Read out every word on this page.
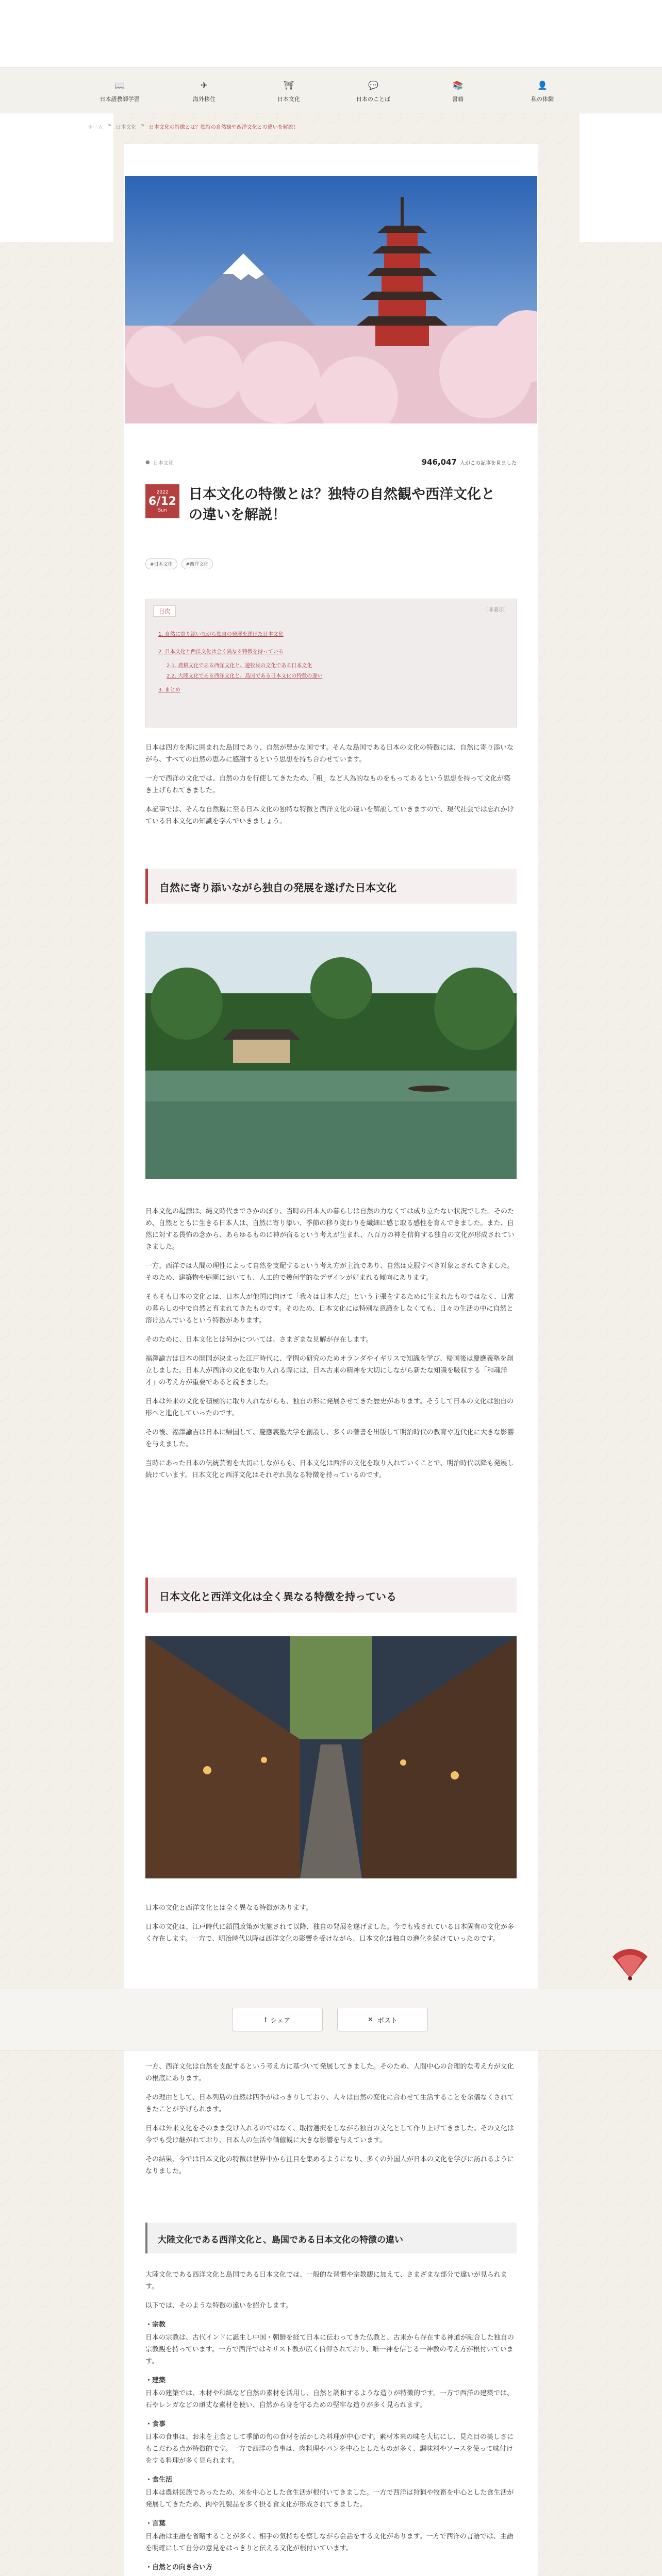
📖
日本語教師学習
✈
海外移住
⛩
日本文化
💬
日本のことば
📚
書籍
👤
私の体験
ホーム > 日本文化 > 日本文化の特徴とは？独特の自然観や西洋文化との違いを解説！
● 日本文化	946,047 人がこの記事を見ました
2022
6/12
Sun
日本文化の特徴とは？独特の自然観や西洋文化との違いを解説！
#日本文化	#西洋文化
目次	［非表示］
1. 自然に寄り添いながら独自の発展を遂げた日本文化
2. 日本文化と西洋文化は全く異なる特徴を持っている
2.1. 農耕文化である西洋文化と、遊牧民の文化である日本文化
2.2. 大陸文化である西洋文化と、島国である日本文化の特徴の違い
3. まとめ

日本は四方を海に囲まれた島国であり、自然が豊かな国です。そんな島国である日本の文化の特徴には、自然に寄り添いながら、すべての自然の恵みに感謝するという思想を持ち合わせています。

一方で西洋の文化では、自然の力を行使してきたため、「粗」など人為的なものをもってあるという思想を持って文化が築き上げられてきました。

本記事では、そんな自然観に至る日本文化の独特な特徴と西洋文化の違いを解説していきますので、現代社会では忘れかけている日本文化の知識を学んでいきましょう。

自然に寄り添いながら独自の発展を遂げた日本文化

日本文化の起源は、縄文時代までさかのぼり、当時の日本人の暮らしは自然の力なくては成り立たない状況でした。そのため、自然とともに生きる日本人は、自然に寄り添い、季節の移り変わりを繊細に感じ取る感性を育んできました。また、自然に対する畏怖の念から、あらゆるものに神が宿るという考えが生まれ、八百万の神を信仰する独自の文化が形成されていきました。

一方、西洋では人間の理性によって自然を支配するという考え方が主流であり、自然は克服すべき対象とされてきました。そのため、建築物や庭園においても、人工的で幾何学的なデザインが好まれる傾向にあります。

そもそも日本の文化とは、日本人が他国に向けて「我々は日本人だ」という主張をするために生まれたものではなく、日常の暮らしの中で自然と育まれてきたものです。そのため、日本文化には特別な意識をしなくても、日々の生活の中に自然と溶け込んでいるという特徴があります。

そのために、日本文化とは何かについては、さまざまな見解が存在します。

福澤諭吉は日本の開国が決まった江戸時代に、学問の研究のためオランダやイギリスで知識を学び、帰国後は慶應義塾を創立しました。日本人が西洋の文化を取り入れる際には、日本古来の精神を大切にしながら新たな知識を吸収する「和魂洋才」の考え方が重要であると説きました。

日本は外来の文化を積極的に取り入れながらも、独自の形に発展させてきた歴史があります。そうして日本の文化は独自の形へと進化していったのです。

その後、福澤諭吉は日本に帰国して、慶應義塾大学を創設し、多くの著書を出版して明治時代の教育や近代化に大きな影響を与えました。

当時にあった日本の伝統芸術を大切にしながらも、日本文化は西洋の文化を取り入れていくことで、明治時代以降も発展し続けています。日本文化と西洋文化はそれぞれ異なる特徴を持っているのです。

日本文化と西洋文化は全く異なる特徴を持っている

日本の文化と西洋文化とは全く異なる特徴があります。

日本の文化は、江戸時代に鎖国政策が実施されて以降、独自の発展を遂げました。今でも残されている日本固有の文化が多く存在します。一方で、明治時代以降は西洋文化の影響を受けながら、日本文化は独自の進化を続けていったのです。

f シェア	✕ ポスト

一方、西洋文化は自然を支配するという考え方に基づいて発展してきました。そのため、人間中心の合理的な考え方が文化の根底にあります。

その理由として、日本列島の自然は四季がはっきりしており、人々は自然の変化に合わせて生活することを余儀なくされてきたことが挙げられます。

日本は外来文化をそのまま受け入れるのではなく、取捨選択をしながら独自の文化として作り上げてきました。その文化は今でも受け継がれており、日本人の生活や価値観に大きな影響を与えています。

その結果、今では日本文化の特徴は世界中から注目を集めるようになり、多くの外国人が日本の文化を学びに訪れるようになりました。

大陸文化である西洋文化と、島国である日本文化の特徴の違い

大陸文化である西洋文化と島国である日本文化では、一般的な習慣や宗教観に加えて、さまざまな部分で違いが見られます。

以下では、そのような特徴の違いを紹介します。

・宗教

日本の宗教は、古代インドに誕生し中国・朝鮮を経て日本に伝わってきた仏教と、古来から存在する神道が融合した独自の宗教観を持っています。一方で西洋ではキリスト教が広く信仰されており、唯一神を信じる一神教の考え方が根付いています。

・建築

日本の建築では、木材や和紙など自然の素材を活用し、自然と調和するような造りが特徴的です。一方で西洋の建築では、石やレンガなどの頑丈な素材を使い、自然から身を守るための堅牢な造りが多く見られます。

・食事

日本の食事は、お米を主食として季節の旬の食材を活かした料理が中心です。素材本来の味を大切にし、見た目の美しさにもこだわる点が特徴的です。一方で西洋の食事は、肉料理やパンを中心としたものが多く、調味料やソースを使って味付けをする料理が多く見られます。

・食生活

日本は農耕民族であったため、米を中心とした食生活が根付いてきました。一方で西洋は狩猟や牧畜を中心とした食生活が発展してきたため、肉や乳製品を多く摂る食文化が形成されてきました。

・言葉

日本語は主語を省略することが多く、相手の気持ちを察しながら会話をする文化があります。一方で西洋の言語では、主語を明確にして自分の意見をはっきりと伝える文化が根付いています。

・自然との向き合い方
